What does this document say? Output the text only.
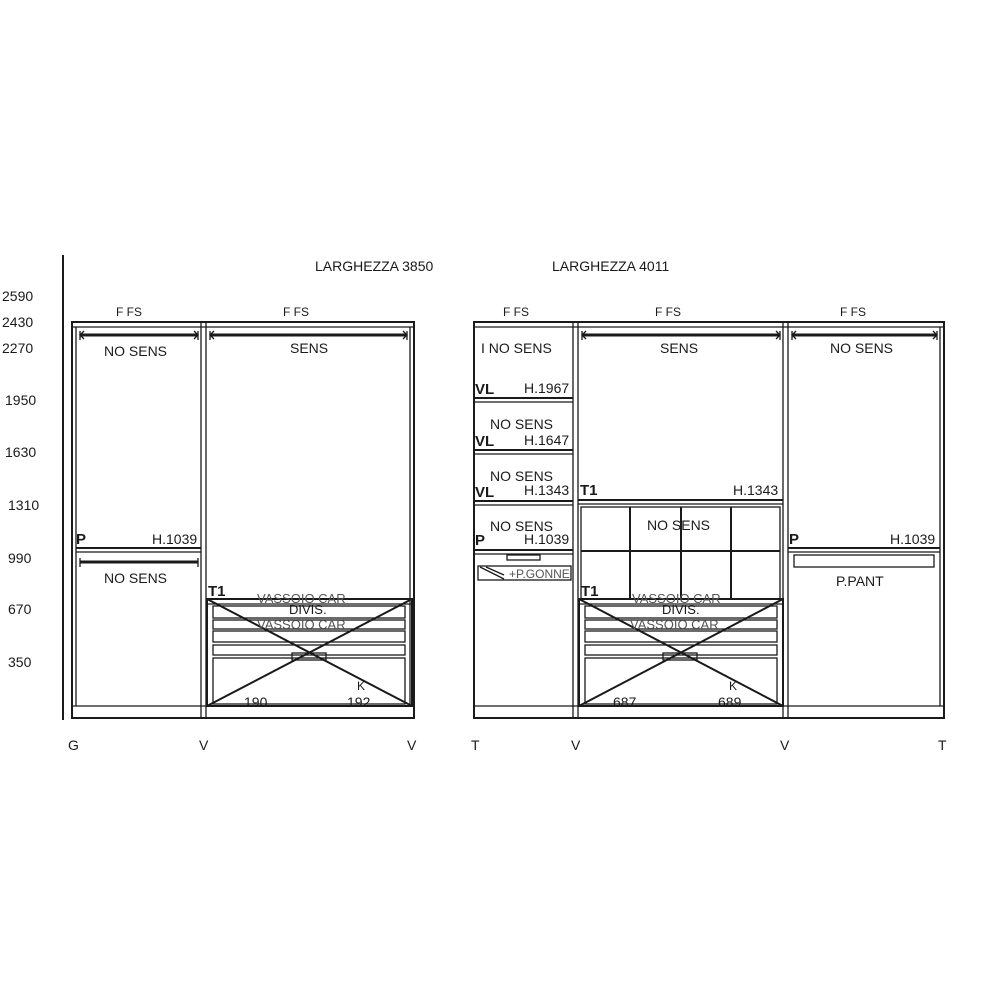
LARGHEZZA 3850	LARGHEZZA 4011
2590
2430
2270
1950
1630
1310
990
670
350
F FS
NO SENS
P	H.1039
NO SENS
F FS
SENS
T1 VASSOIO CAR
DIVIS.
VASSOIO CAR
K
190	192
F FS
I NO SENS
VL H.1967
NO SENS
VL H.1647
NO SENS
VL H.1343
NO SENS
P	H.1039
+P.GONNE
F FS
SENS
T1	H.1343
NO SENS
T1	VASSOIO CAR
DIVIS.
VASSOIO CAR
K
687	689
F FS
NO SENS
P	H.1039
P.PANT
G	V	V	T	V	V	T
